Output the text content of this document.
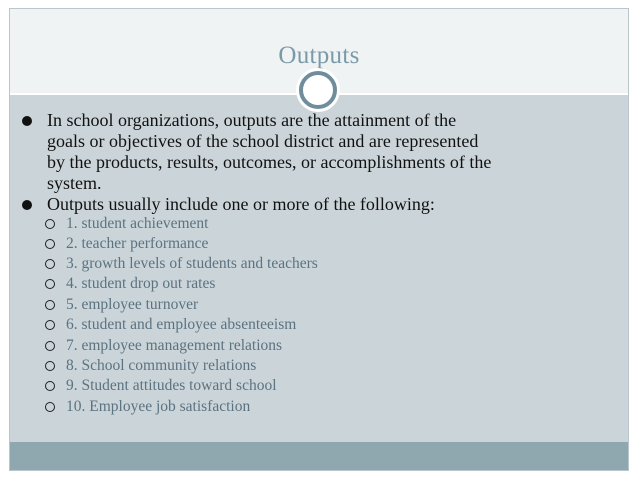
Outputs
In school organizations, outputs are the attainment of the
goals or objectives of the school district and are represented
by the products, results, outcomes, or accomplishments of the
system.
Outputs usually include one or more of the following:
1. student achievement
2. teacher performance
3. growth levels of students and teachers
4. student drop out rates
5. employee turnover
6. student and employee absenteeism
7. employee management relations
8. School community relations
9. Student attitudes toward school
10. Employee job satisfaction
